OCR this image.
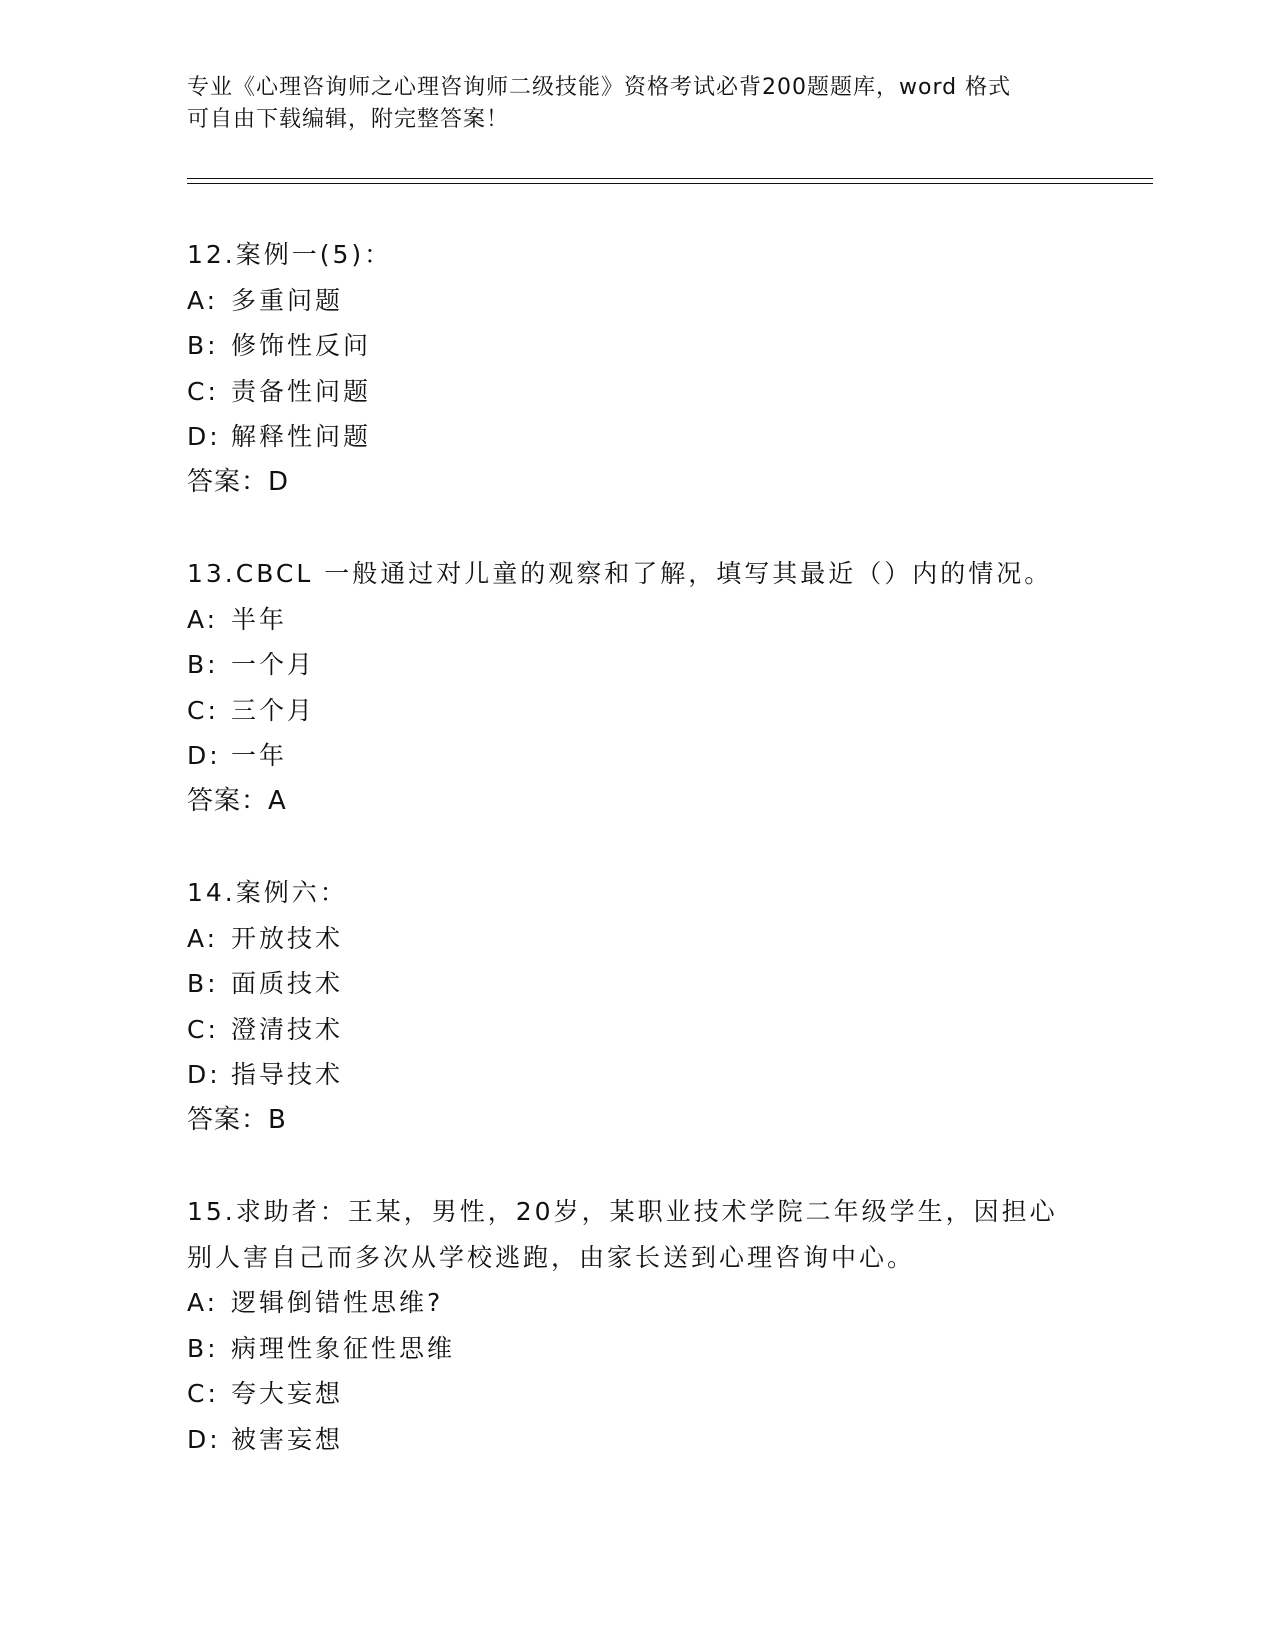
专业《心理咨询师之心理咨询师二级技能》资格考试必背200题题库，word 格式
可自由下载编辑，附完整答案！
12.案例一(5)：
A: 多重问题
B: 修饰性反问
C: 责备性问题
D: 解释性问题
答案：D
13.CBCL 一般通过对儿童的观察和了解，填写其最近（）内的情况。
A: 半年
B: 一个月
C: 三个月
D: 一年
答案：A
14.案例六：
A: 开放技术
B: 面质技术
C: 澄清技术
D: 指导技术
答案：B
15.求助者：王某，男性，20岁，某职业技术学院二年级学生，因担心
别人害自己而多次从学校逃跑，由家长送到心理咨询中心。
A: 逻辑倒错性思维?
B: 病理性象征性思维
C: 夸大妄想
D: 被害妄想
